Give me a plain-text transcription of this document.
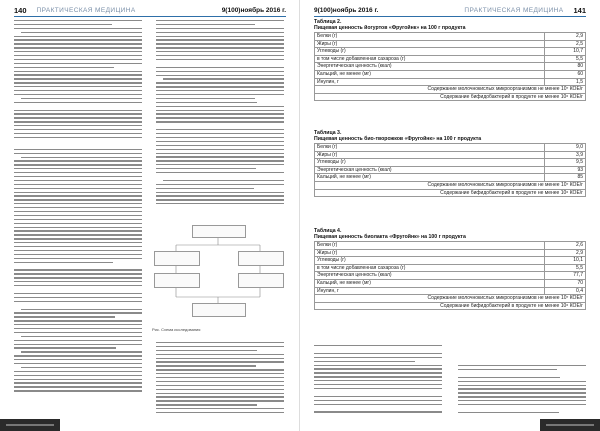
140 ПРАКТИЧЕСКАЯ МЕДИЦИНА	9(100)ноябрь 2016 г.
Рис. Схема исследования
9(100)ноябрь 2016 г.	ПРАКТИЧЕСКАЯ МЕДИЦИНА 141
Таблица 2.
Пищевая ценность йогуртов «Фругойнк» на 100 г продукта
Белки (г)	2,9
Жиры (г)	2,5
Углеводы (г)	10,7
в том числе добавленная сахароза (г)	5,5
Энергетическая ценность (ккал)	80
Кальций, не менее (мг)	60
Инулин, г	1,5
Содержание молочнокислых микроорганизмов не менее 10⁷ КОЕ/г	
Содержание бифидобактерий в продукте не менее 10⁶ КОЕ/г	
Таблица 3.
Пищевая ценность био-творожков «Фругойнк» на 100 г продукта
Белки (г)	9,0
Жиры (г)	3,9
Углеводы (г)	9,5
Энергетическая ценность (ккал)	93
Кальций, не менее (мг)	85
Содержание молочнокислых микроорганизмов не менее 10⁷ КОЕ/г	
Содержание бифидобактерий в продукте не менее 10⁶ КОЕ/г	
Таблица 4.
Пищевая ценность биолакта «Фругойнк» на 100 г продукта
Белки (г)	2,6
Жиры (г)	2,9
Углеводы (г)	10,1
в том числе добавленная сахароза (г)	5,5
Энергетическая ценность (ккал)	77,7
Кальций, не менее (мг)	70
Инулин, г	0,4
Содержание молочнокислых микроорганизмов не менее 10⁷ КОЕ/г	
Содержание бифидобактерий в продукте не менее 10⁶ КОЕ/г	
